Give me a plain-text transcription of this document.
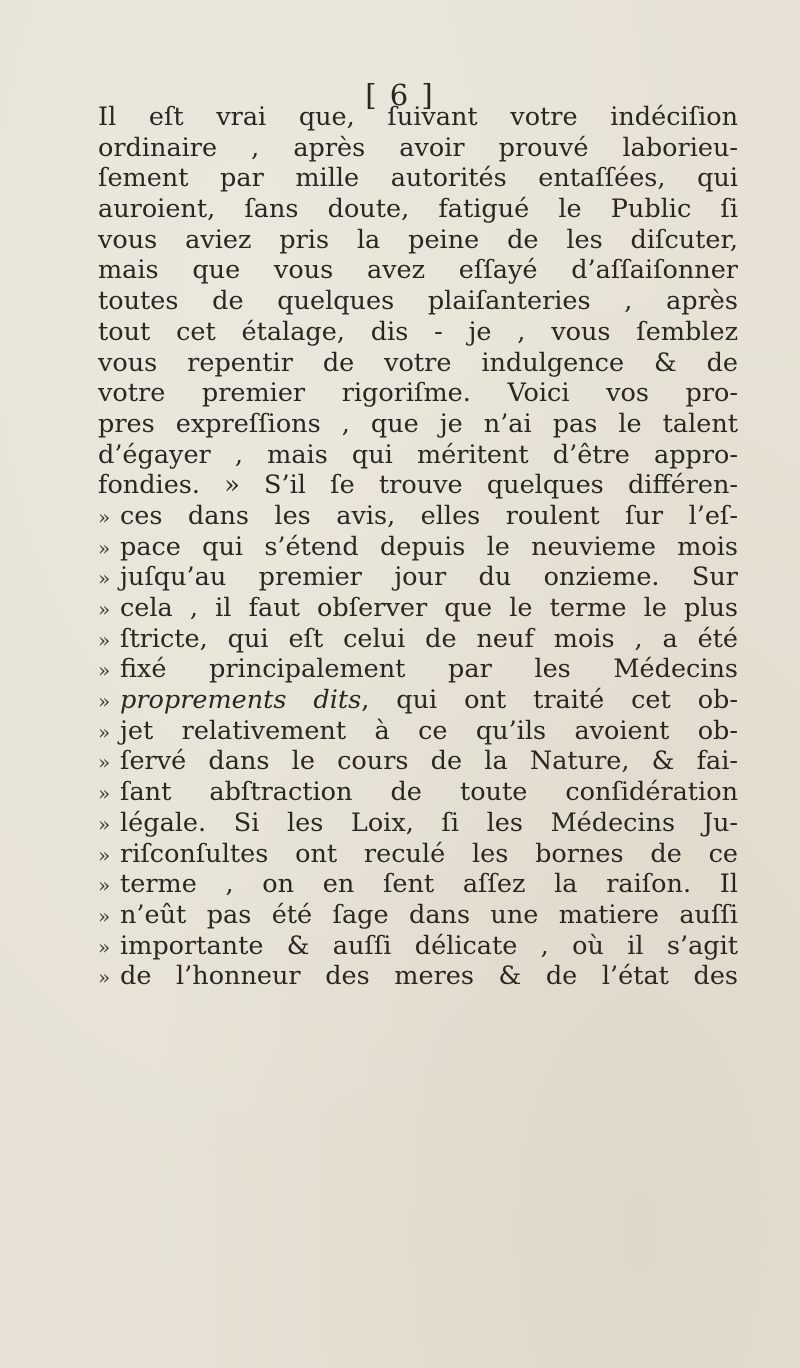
[ 6 ]
Il eſt vrai que, ſuivant votre indéciſion
ordinaire , après avoir prouvé laborieu-
ſement par mille autorités entaſſées, qui
auroient, ſans doute, fatigué le Public ſi
vous aviez pris la peine de les diſcuter,
mais que vous avez eſſayé d’aſſaiſonner
toutes de quelques plaiſanteries , après
tout cet étalage, dis - je , vous ſemblez
vous repentir de votre indulgence & de
votre premier rigoriſme. Voici vos pro-
pres expreſſions , que je n’ai pas le talent
d’égayer , mais qui méritent d’être appro-
fondies. » S’il ſe trouve quelques différen-
» ces dans les avis, elles roulent ſur l’eſ-
» pace qui s’étend depuis le neuvieme mois
» juſqu’au premier jour du onzieme. Sur
» cela , il faut obſerver que le terme le plus
» ſtricte, qui eſt celui de neuf mois , a été
» fixé principalement par les Médecins
» proprements dits, qui ont traité cet ob-
» jet relativement à ce qu’ils avoient ob-
» ſervé dans le cours de la Nature, & fai-
» ſant abſtraction de toute conſidération
» légale. Si les Loix, ſi les Médecins Ju-
» riſconſultes ont reculé les bornes de ce
» terme , on en ſent aſſez la raiſon. Il
» n’eût pas été ſage dans une matiere auſſi
» importante & auſſi délicate , où il s’agit
» de l’honneur des meres & de l’état des
